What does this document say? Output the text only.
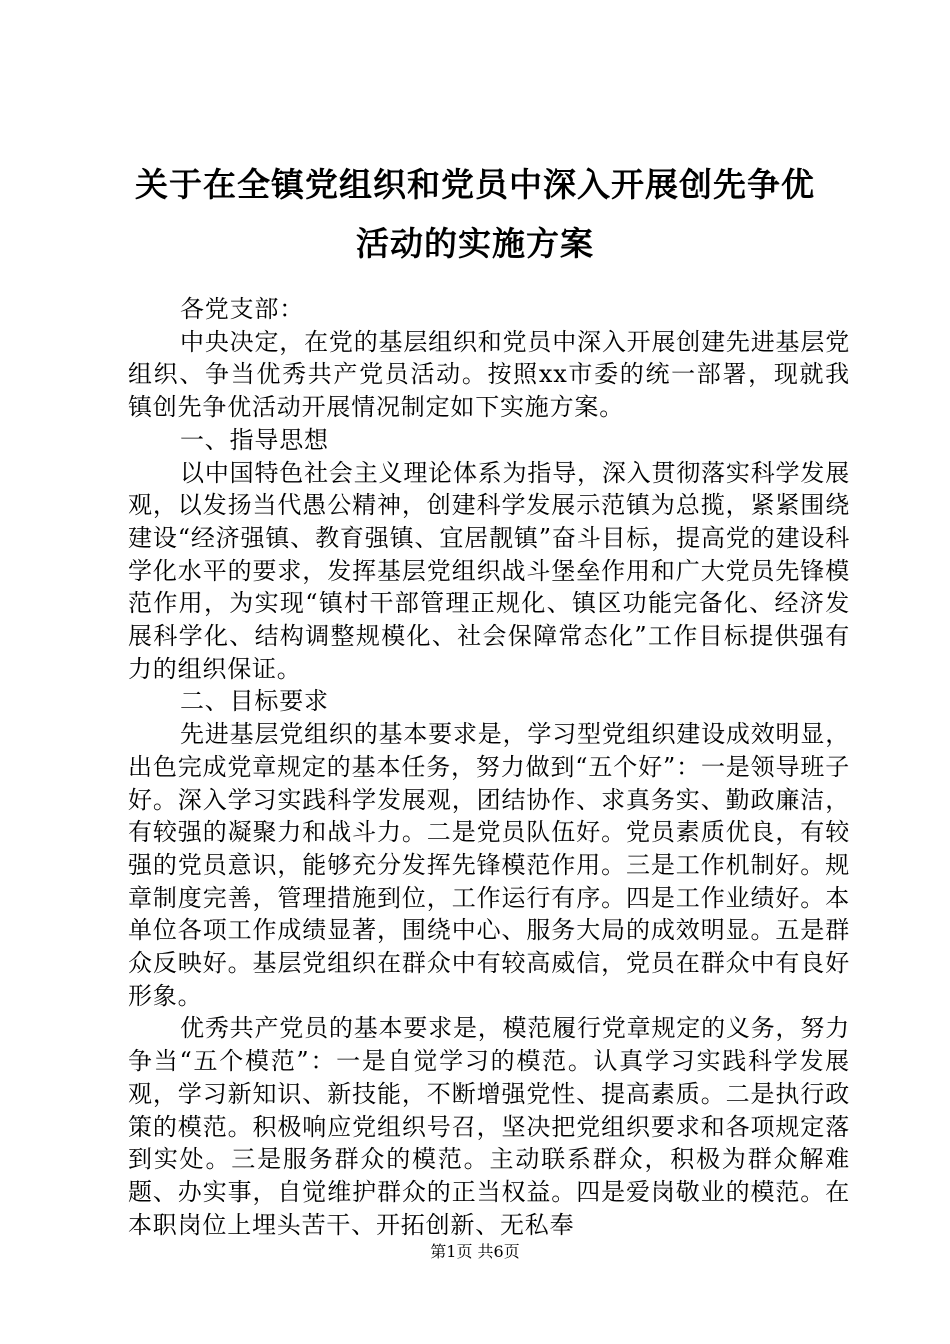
关于在全镇党组织和党员中深入开展创先争优
活动的实施方案

各党支部：

中央决定，在党的基层组织和党员中深入开展创建先进基层党组织、争当优秀共产党员活动。按照xx市委的统一部署，现就我镇创先争优活动开展情况制定如下实施方案。

一、指导思想

以中国特色社会主义理论体系为指导，深入贯彻落实科学发展观，以发扬当代愚公精神，创建科学发展示范镇为总揽，紧紧围绕建设“经济强镇、教育强镇、宜居靓镇”奋斗目标，提高党的建设科学化水平的要求，发挥基层党组织战斗堡垒作用和广大党员先锋模范作用，为实现“镇村干部管理正规化、镇区功能完备化、经济发展科学化、结构调整规模化、社会保障常态化”工作目标提供强有力的组织保证。

二、目标要求

先进基层党组织的基本要求是，学习型党组织建设成效明显，出色完成党章规定的基本任务，努力做到“五个好”：一是领导班子好。深入学习实践科学发展观，团结协作、求真务实、勤政廉洁，有较强的凝聚力和战斗力。二是党员队伍好。党员素质优良，有较强的党员意识，能够充分发挥先锋模范作用。三是工作机制好。规章制度完善，管理措施到位，工作运行有序。四是工作业绩好。本单位各项工作成绩显著，围绕中心、服务大局的成效明显。五是群众反映好。基层党组织在群众中有较高威信，党员在群众中有良好形象。

优秀共产党员的基本要求是，模范履行党章规定的义务，努力争当“五个模范”：一是自觉学习的模范。认真学习实践科学发展观，学习新知识、新技能，不断增强党性、提高素质。二是执行政策的模范。积极响应党组织号召，坚决把党组织要求和各项规定落到实处。三是服务群众的模范。主动联系群众，积极为群众解难题、办实事，自觉维护群众的正当权益。四是爱岗敬业的模范。在本职岗位上埋头苦干、开拓创新、无私奉

第1页 共6页
